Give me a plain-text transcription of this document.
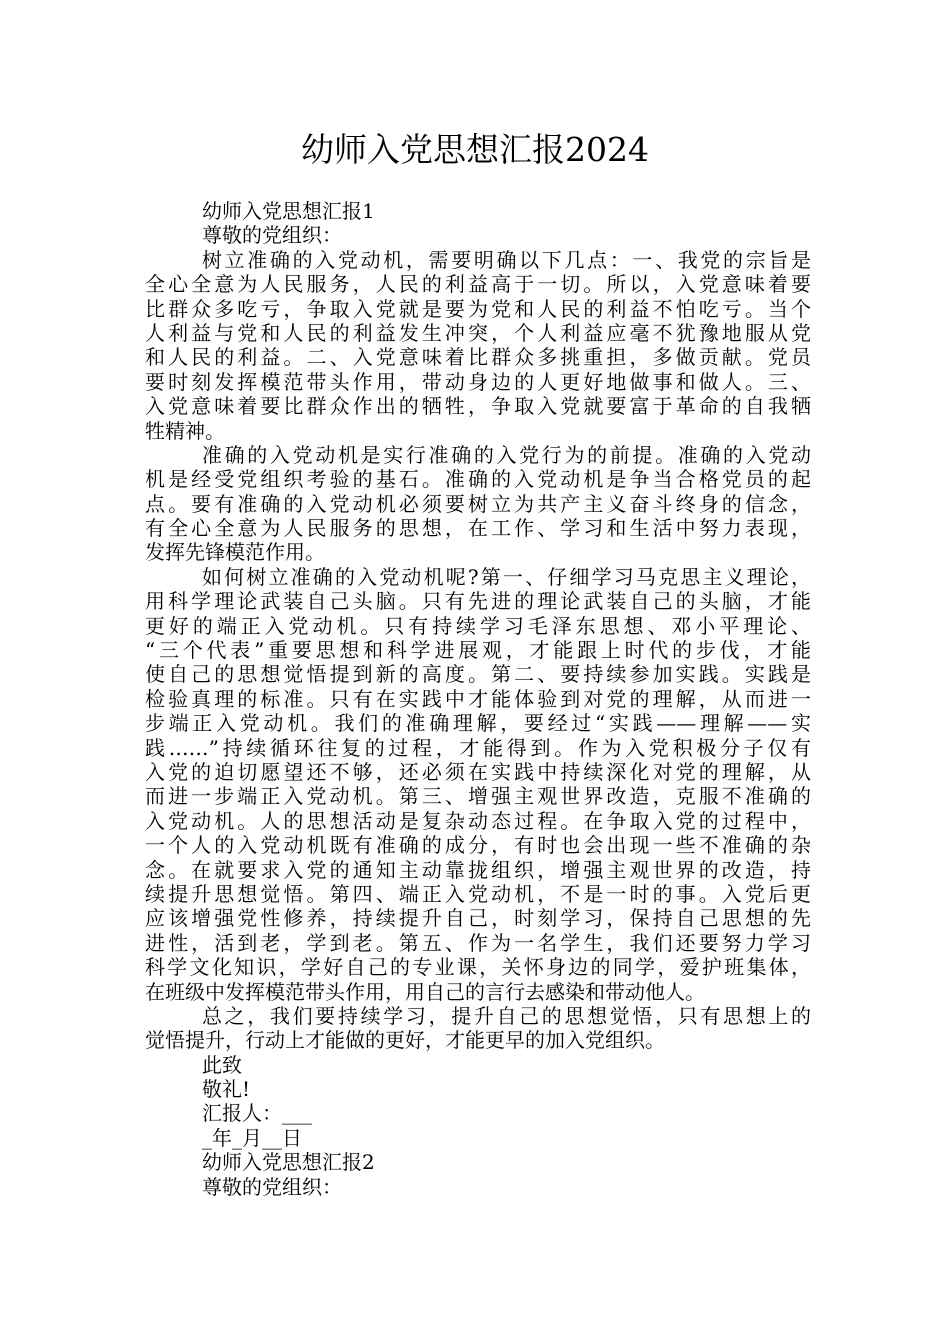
幼师入党思想汇报2024
幼师入党思想汇报1
尊敬的党组织：
树立准确的入党动机，需要明确以下几点：一、我党的宗旨是
全心全意为人民服务，人民的利益高于一切。所以，入党意味着要
比群众多吃亏，争取入党就是要为党和人民的利益不怕吃亏。当个
人利益与党和人民的利益发生冲突，个人利益应毫不犹豫地服从党
和人民的利益。二、入党意味着比群众多挑重担，多做贡献。党员
要时刻发挥模范带头作用，带动身边的人更好地做事和做人。三、
入党意味着要比群众作出的牺牲，争取入党就要富于革命的自我牺
牲精神。
准确的入党动机是实行准确的入党行为的前提。准确的入党动
机是经受党组织考验的基石。准确的入党动机是争当合格党员的起
点。要有准确的入党动机必须要树立为共产主义奋斗终身的信念，
有全心全意为人民服务的思想，在工作、学习和生活中努力表现，
发挥先锋模范作用。
如何树立准确的入党动机呢?第一、仔细学习马克思主义理论，
用科学理论武装自己头脑。只有先进的理论武装自己的头脑，才能
更好的端正入党动机。只有持续学习毛泽东思想、邓小平理论、
“三个代表”重要思想和科学进展观，才能跟上时代的步伐，才能
使自己的思想觉悟提到新的高度。第二、要持续参加实践。实践是
检验真理的标准。只有在实践中才能体验到对党的理解，从而进一
步端正入党动机。我们的准确理解，要经过“实践——理解——实
践……”持续循环往复的过程，才能得到。作为入党积极分子仅有
入党的迫切愿望还不够，还必须在实践中持续深化对党的理解，从
而进一步端正入党动机。第三、增强主观世界改造，克服不准确的
入党动机。人的思想活动是复杂动态过程。在争取入党的过程中，
一个人的入党动机既有准确的成分，有时也会出现一些不准确的杂
念。在就要求入党的通知主动靠拢组织，增强主观世界的改造，持
续提升思想觉悟。第四、端正入党动机，不是一时的事。入党后更
应该增强党性修养，持续提升自己，时刻学习，保持自己思想的先
进性，活到老，学到老。第五、作为一名学生，我们还要努力学习
科学文化知识，学好自己的专业课，关怀身边的同学，爱护班集体，
在班级中发挥模范带头作用，用自己的言行去感染和带动他人。
总之，我们要持续学习，提升自己的思想觉悟，只有思想上的
觉悟提升，行动上才能做的更好，才能更早的加入党组织。
此致
敬礼!
汇报人：___
_年_月__日
幼师入党思想汇报2
尊敬的党组织：
